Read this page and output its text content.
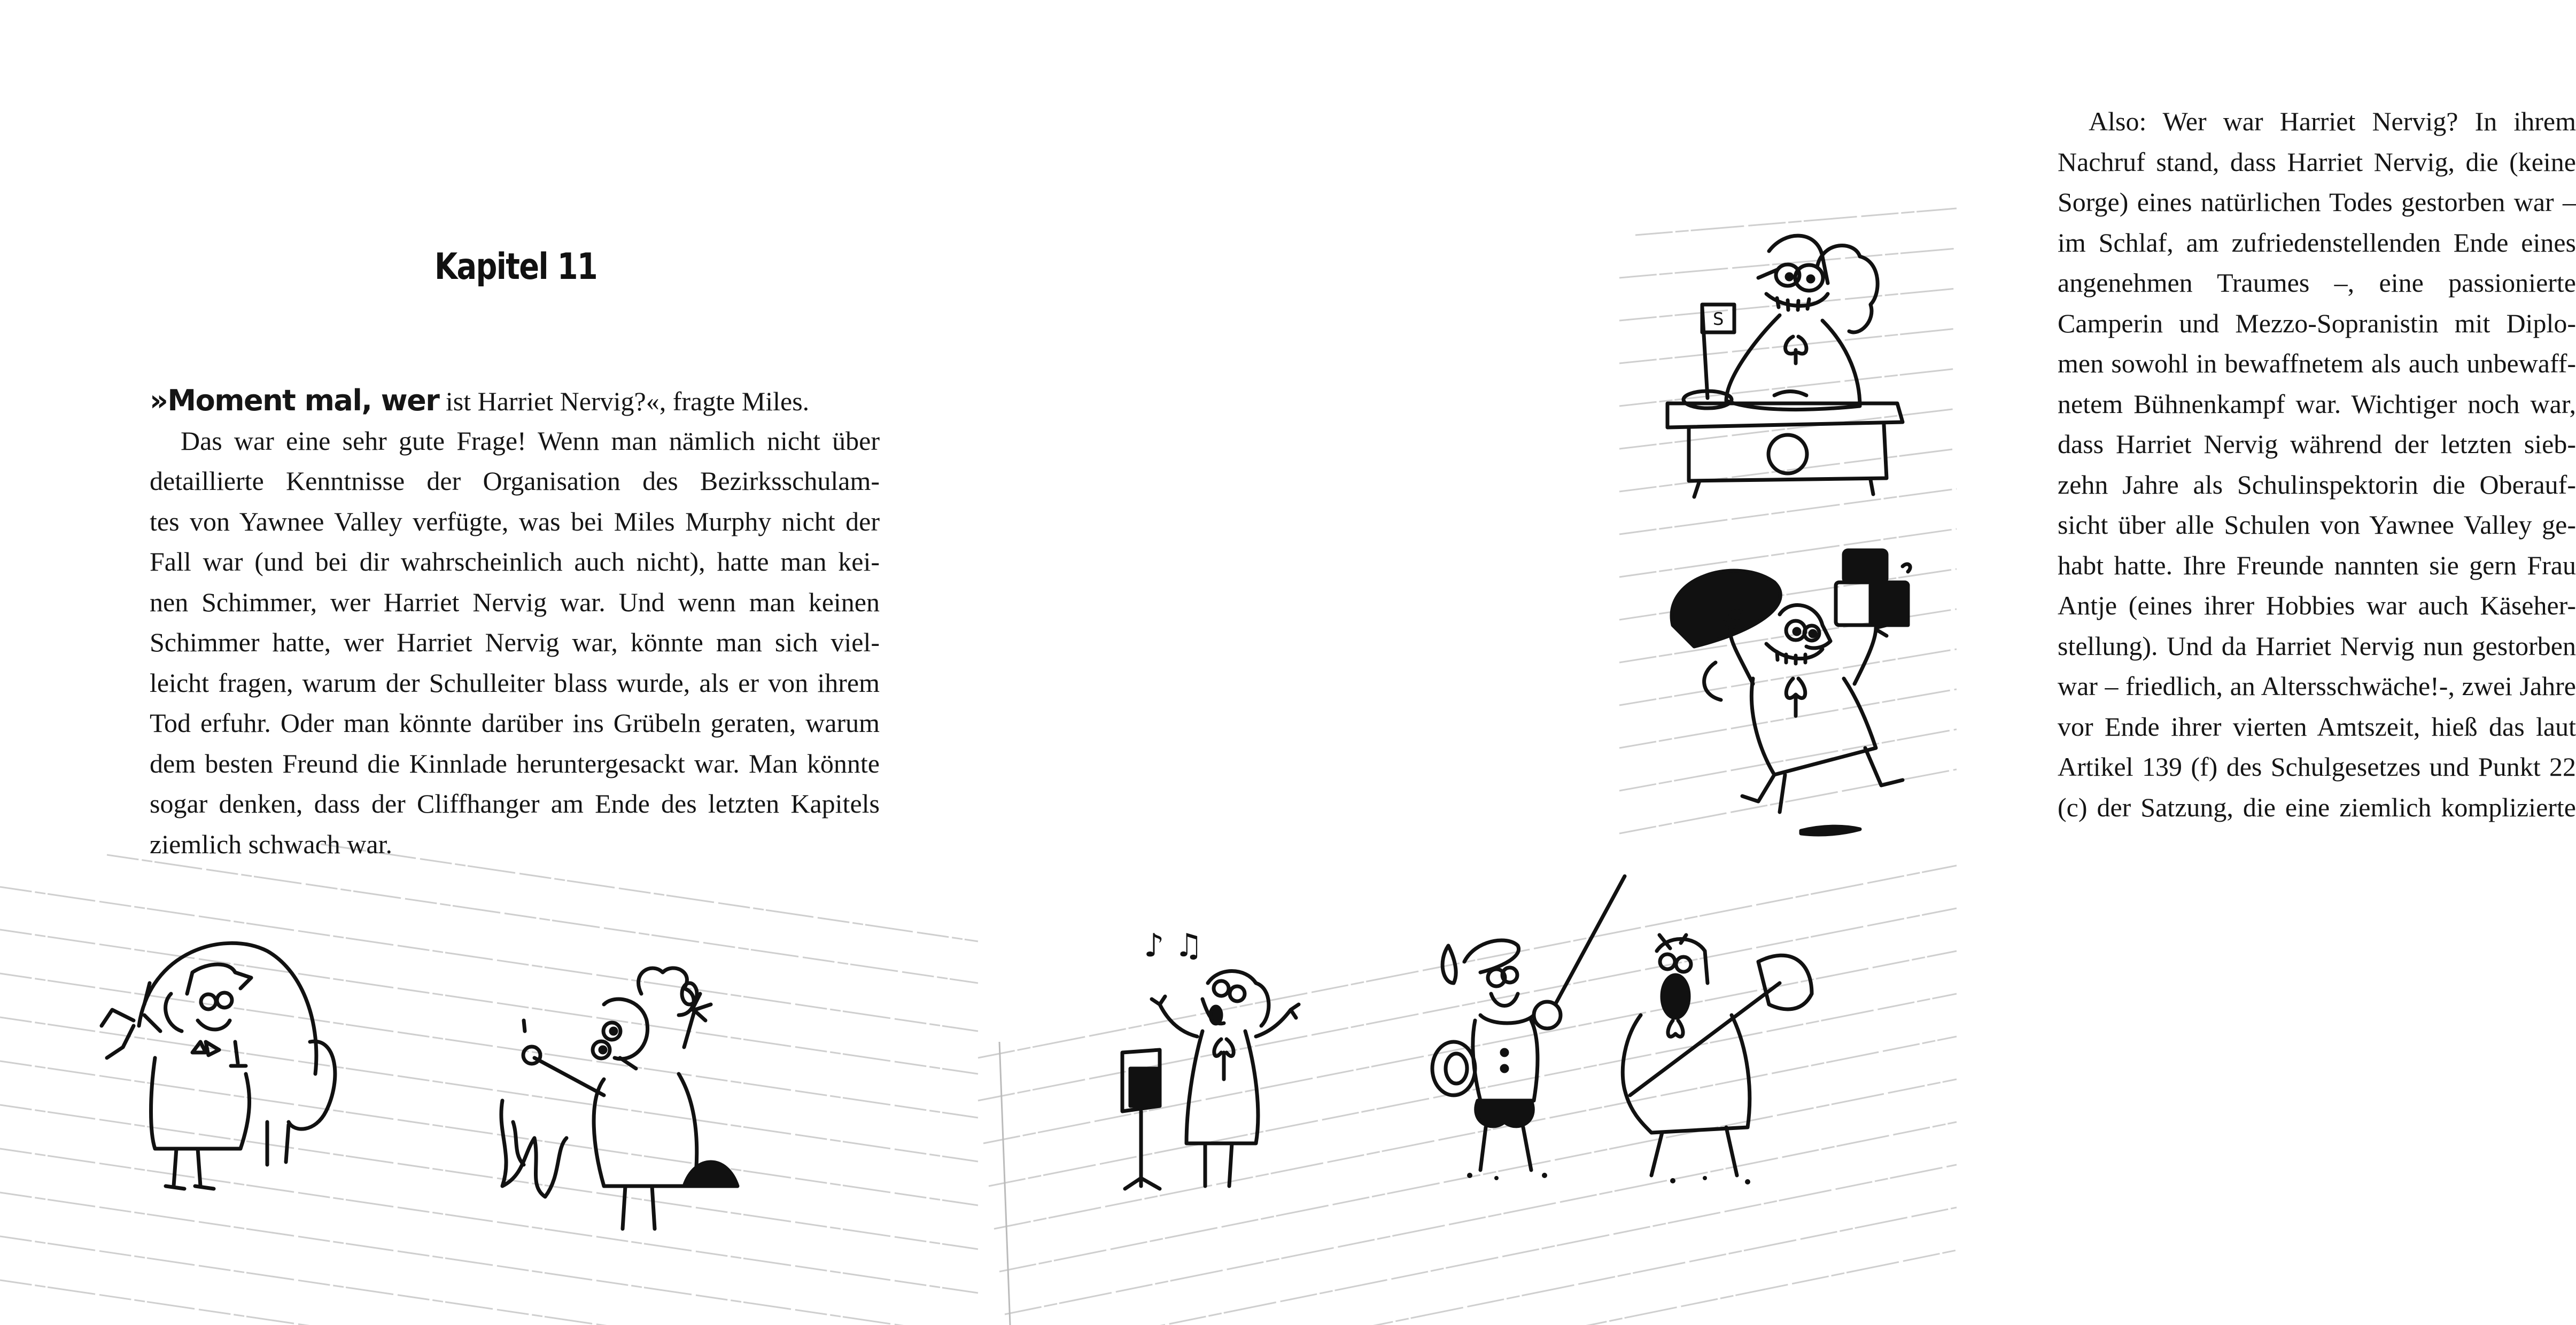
Kapitel 11
»Moment mal, wer ist Harriet Nervig?«, fragte Miles.
Das war eine sehr gute Frage! Wenn man nämlich nicht über
detaillierte Kenntnisse der Organisation des Bezirksschulam-
tes von Yawnee Valley verfügte, was bei Miles Murphy nicht der
Fall war (und bei dir wahrscheinlich auch nicht), hatte man kei-
nen Schimmer, wer Harriet Nervig war. Und wenn man keinen
Schimmer hatte, wer Harriet Nervig war, könnte man sich viel-
leicht fragen, warum der Schulleiter blass wurde, als er von ihrem
Tod erfuhr. Oder man könnte darüber ins Grübeln geraten, warum
dem besten Freund die Kinnlade heruntergesackt war. Man könnte
sogar denken, dass der Cliffhanger am Ende des letzten Kapitels
ziemlich schwach war.
Also: Wer war Harriet Nervig? In ihrem
Nachruf stand, dass Harriet Nervig, die (keine
Sorge) eines natürlichen Todes gestorben war –
im Schlaf, am zufriedenstellenden Ende eines
angenehmen Traumes –, eine passionierte
Camperin und Mezzo-Sopranistin mit Diplo-
men sowohl in bewaffnetem als auch unbewaff-
netem Bühnenkampf war. Wichtiger noch war,
dass Harriet Nervig während der letzten sieb-
zehn Jahre als Schulinspektorin die Oberauf-
sicht über alle Schulen von Yawnee Valley ge-
habt hatte. Ihre Freunde nannten sie gern Frau
Antje (eines ihrer Hobbies war auch Käseher-
stellung). Und da Harriet Nervig nun gestorben
war – friedlich, an Altersschwäche!-, zwei Jahre
vor Ende ihrer vierten Amtszeit, hieß das laut
Artikel 139 (f) des Schulgesetzes und Punkt 22
(c) der Satzung, die eine ziemlich komplizierte
S
♪ ♫
